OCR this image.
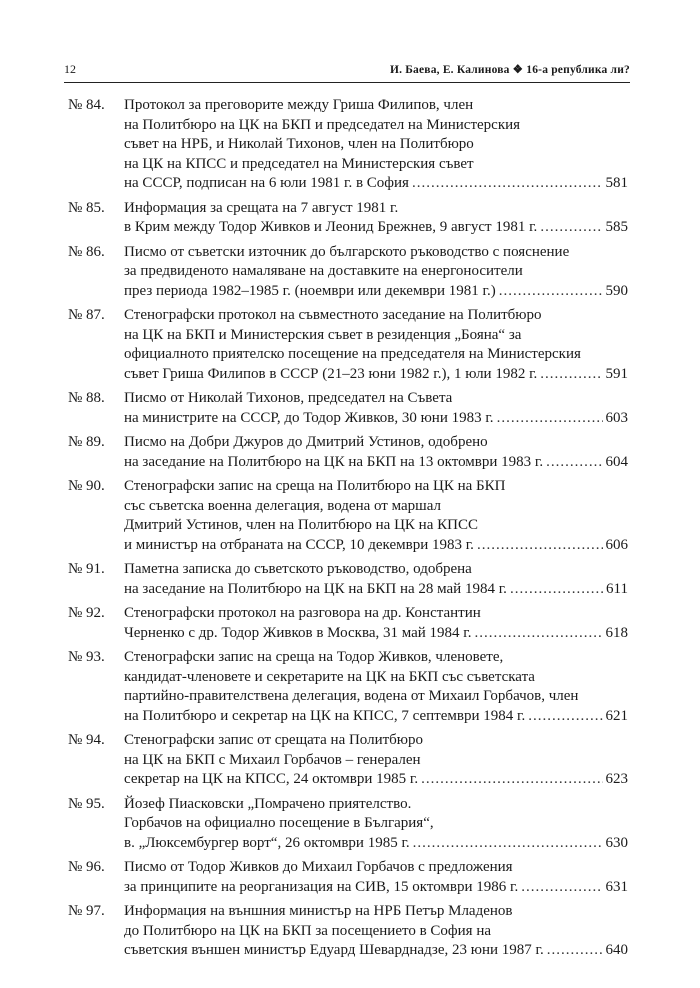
12	И. Баева, Е. Калинова ❖ 16-а република ли?
№ 84.	Протокол за преговорите между Гриша Филипов, член
на Политбюро на ЦК на БКП и председател на Министерския
съвет на НРБ, и Николай Тихонов, член на Политбюро
на ЦК на КПСС и председател на Министерския съвет
на СССР, подписан на 6 юли 1981 г. в София .....	581
№ 85.	Информация за срещата на 7 август 1981 г.
в Крим между Тодор Живков и Леонид Брежнев, 9 август 1981 г. .....	585
№ 86.	Писмо от съветски източник до българското ръководство с пояснение
за предвиденото намаляване на доставките на енергоносители
през периода 1982–1985 г. (ноември или декември 1981 г.) .....	590
№ 87.	Стенографски протокол на съвместното заседание на Политбюро
на ЦК на БКП и Министерския съвет в резиденция „Бояна“ за
официалното приятелско посещение на председателя на Министерския
съвет Гриша Филипов в СССР (21–23 юни 1982 г.), 1 юли 1982 г. .....	591
№ 88.	Писмо от Николай Тихонов, председател на Съвета
на министрите на СССР, до Тодор Живков, 30 юни 1983 г. .....	603
№ 89.	Писмо на Добри Джуров до Дмитрий Устинов, одобрено
на заседание на Политбюро на ЦК на БКП на 13 октомври 1983 г. .....	604
№ 90.	Стенографски запис на среща на Политбюро на ЦК на БКП
със съветска военна делегация, водена от маршал
Дмитрий Устинов, член на Политбюро на ЦК на КПСС
и министър на отбраната на СССР, 10 декември 1983 г. .....	606
№ 91.	Паметна записка до съветското ръководство, одобрена
на заседание на Политбюро на ЦК на БКП на 28 май 1984 г. .....	611
№ 92.	Стенографски протокол на разговора на др. Константин
Черненко с др. Тодор Живков в Москва, 31 май 1984 г. .....	618
№ 93.	Стенографски запис на среща на Тодор Живков, членовете,
кандидат-членовете и секретарите на ЦК на БКП със съветската
партийно-правителствена делегация, водена от Михаил Горбачов, член
на Политбюро и секретар на ЦК на КПСС, 7 септември 1984 г. .....	621
№ 94.	Стенографски запис от срещата на Политбюро
на ЦК на БКП с Михаил Горбачов – генерален
секретар на ЦК на КПСС, 24 октомври 1985 г. .....	623
№ 95.	Йозеф Пиасковски „Помрачено приятелство.
Горбачов на официално посещение в България“,
в. „Люксембургер ворт“, 26 октомври 1985 г. .....	630
№ 96.	Писмо от Тодор Живков до Михаил Горбачов с предложения
за принципите на реорганизация на СИВ, 15 октомври 1986 г. .....	631
№ 97.	Информация на външния министър на НРБ Петър Младенов
до Политбюро на ЦК на БКП за посещението в София на
съветския външен министър Едуард Шеварднадзе, 23 юни 1987 г. .....	640
